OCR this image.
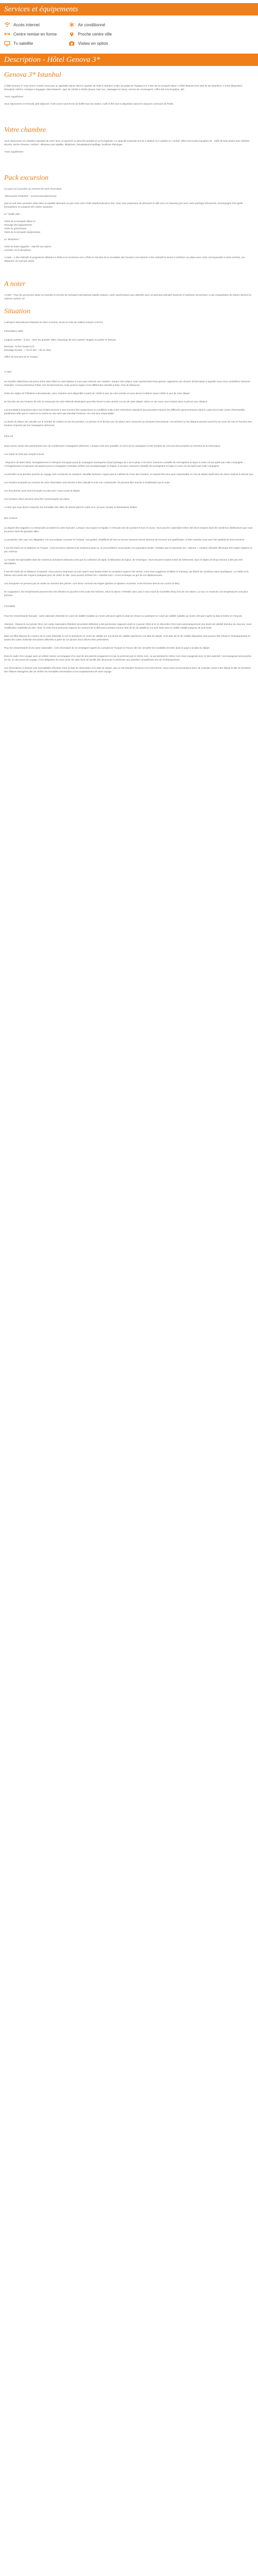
Services et équipements
Accès internet	Air conditionné
Centre remise en forme	Proche centre ville
Tv satellite	Visites en option
Description - Hôtel Genova 3*
Genova 3* Istanbul
L'hôtel Genova 3* vous donne rendez-vous pour un agréable séjour dans le quartier de Fatih à Istanbul, à 5km du palais de Topkapi et à 2,4km de la mosquée bleue. L'hôtel dispose d'un total de 38 chambres. A votre disposition: Réception 24h/24, consigne à bagages, blanchisserie*, spa* de 10h00 à 22h00 (sauna, bain turc, massages et soins), service de conciergerie, coffre-fort à la réception, wifi.
*Avec supplément
Vous séjournerez en formule petit déjeuner, il sera servi sous forme de buffet tous les matins. Café et thé sont à disposition dans les espaces communs de l'hôtel.
Votre chambre
Vous séjournerez en chambre standard de 22m² avec un grand lit ou deux lits simples et un lit d'appoint. La capacité maximale est de 2 adultes ou 2 adultes et 1 enfant. Elles sont toutes équipées de : Salle de bain privée avec toilettes, douche, sèche-cheveux, minibar*, téléviseur par satellite, téléphone, climatisation/chauffage, bouilloire électrique.
*Avec supplément
Pack excursion
Ce pack est à prendre au moment de votre réservation.
"Découverte d'Istanbul" : (4 Excursions/personne)
Que ce soit votre première visite dans la capitale ottomane ou que vous avez visité Istanbul plusieurs fois, nous vous proposons de découvrir la ville sous un nouveau jour avec notre package découverte, accompagné d'un guide francophone et composé des visites suivantes :
Le "Vieille ville" :
Visite de la mosquée Bleue et
Passage des hippodromes
Visite du grand bazar
Visite de la mosquée Suleymaniye
Le "Bosphore" :
Visite du bazar égyptien - Marché aux épices
Croisière sur le Bosphore
A noter : A titre indicatif, le programme débutera à 9h30 et se terminera vers 17h00 en fonction de la circulation (les horaires sont donnés à titre indicatif et seront à confirmer sur place avec notre correspondant à votre arrivée). Les déjeuners ne sont pas inclus.
A noter
A noter : Pour les personnes ayant un transfert à l'arrivée de l'aéroport international Sabiha Gokçen, notre représentant vous attendra avec un panneau Mondial Tourisme à l'extérieur du terminal, à une cinquantaine de mètres derrière la colonne numéro 10.
Situation
L'aéroport international d'Istanbul se situe à environ 45 km et celui de Sabiha Gokçen à 50 km.
Informations utiles
Langues parlées : le turc - dans les grandes villes, beaucoup de turcs parlent l'anglais et parfois le français
Monnaie : la livre turque (LT)
Décalage horaire : + 1h en été / +2h en hiver
Office du tourisme de la Turquie
A noter
Un transfert aller/retour est prévu entre votre hôtel ou votre bateau si vous avez réservé une croisière. Durant votre séjour, votre représentant francophone organisera une réunion d'information à laquelle nous vous conseillons vivement d'assister. Il vous présentera l'hôtel, son fonctionnement, mais aussi la région et les différentes activités à faire, hors de distances.
Selon les règles de l'hôtellerie internationale, votre chambre sera disponible à partir de 14h00 le jour de votre arrivée et vous devrez la libérer avant 12h00 le jour de votre départ.
En fonction de vos horaires de vols, le restaurant de votre hôtel de destination peut être fermé à votre arrivée ou lors de votre départ. Dans ce cas nous vous invitons donc à prévoir une collation.
Les prestations proposées dans nos forfaits peuvent à tout moment être suspendues ou modifiées suite à des restrictions sanitaires qui pourraient imposer les différents gouvernements dans le cadre de la lutte contre d'éventuelles pandémies telle que le Covid-19 ou autres et cela sans que Mondial Tourisme n'en soit tenu responsable.
La durée du séjour est calculée sur le nombre de nuitées et non de journées. Le premier et le dernier jour du séjour sont consacrés au transport international. Les arrivées ou les départs peuvent avoir lieu en cours de nuit en fonction des horaires imposés par les compagnies aériennes.
Infos vol
Nous avons conclu des partenariats avec de nombreuses compagnies aériennes. Lorsque cela sera possible, le choix de la compagnie et des horaires de vol vous sera proposé au moment de la réservation.
Les repas ne sont pas compris à bord.
- Depuis le 26 Mars 2023, l'enregistrement à l'aéroport est payant pour la compagnie SunExpress (Sauf passager de 1 an et plus). Il est donc vivement conseillé de s'enregistrer en ligne si votre vol est opéré par cette compagnie. - L'enregistrement à l'aéroport est payant pour la compagnie Corendon Airlines (10 euros/passager et /trajet). Il est donc vivement conseillé de s'enregistrer en ligne si votre vol est opéré par cette compagnie.
La première et la dernière journée du voyage sont consacrés au transport. Mondial Tourisme n'ayant pas la maîtrise du choix des horaires, ne saurait être tenu pour responsable en cas de départ tardif et/ou de retour matinal le dernier jour.
Les horaires proposés au moment de votre réservation sont donnés à titre indicatif et sont non contractuels. Ils peuvent être soumis à modification par la suite.
Les documents vous seront envoyés au plus tard 7 jours avant le départ.
Les horaires retour peuvent vous être communiqués sur place.
A noter que vous devez respecter les formalités des villes de transit (dans le cadre d'un vol avec escale) et destinations finales.
Bon à savoir
Le plupart des magasins ou restaurants acceptent la carte bancaire. Lorsque vous payez en liquide, il n'est pas rare de pousser le bon en euros. Vous pourrez cependant retirer des livres turques dans les nombreux distributeurs que vous trouverez dans les grandes villes.
Le pourboire, bien que non obligatoire, est une pratique courante en Turquie. Les guides, chauffeurs de bus ou encore serveurs seront heureux de recevoir une gratification, si bien entendu vous avez été satisfait de leurs services.
Il est très facile de se déplacer en Turquie : vous trouverez aisément de nombreux taxis ou, si vous préférez vous joindre à la population locale, n'hésitez pas à emprunter les « dolmus », minibus collectifs effectuant des trajets réguliers et peu onéreux.
La Turquie est spécialisée dans de nombreux domaines artisanaux tels que la confection de tapis, la fabrication de bijoux, de céramique. Vous trouverez toutes sortes de vêtements, sacs et objets de beaux facture à des prix très abordables.
Il est très facile de se déplacer à Istanbul. Vous pouvez emprunter un taxi mais il vous faudra éviter la circulation toujours très dense, nous vous suggérons d'utiliser le tramway, qui désert de nombreux sites touristiques. La météo et le bateau sont aussi des moyens pratiques pour de visiter la ville. Vous pouvez acheter les « Istanbul Kart » et les recharger au gré de vos déplacements.
Les mosquées ne peuvent pas se visiter au moment des prières. Une tenue correcte est exigée (jambes et épaules couvertes, et les femmes devront se couvrir la tête).
En Cappadoce, les températures peuvent être très élevées en journée et les nuits très fraîches, selon la saison. N'hésitez donc pas à vous munir de bouteilles d'eau lors de vos visites. La nuit, en revanche, les températures sont plus fraîches.
Formalités
Pour les ressortissants français : carte nationale d'identité en cours de validité (valable au moins 180 jours après la date de retour) ou passeport en cours de validité (valable au moins 150 jours après la date d'entrée en Turquie).
Attention : Depuis le 1er janvier 2014, les cartes nationales d'identité sécurisées délivrées à des personnes majeures entre le 2 janvier 2004 et le 31 décembre 2013 sont automatiquement une durée de validité étendue de cinq ans, sans modification matérielle du titre. Ainsi, la carte d'une personne majeure au moment de la délivrance portant comme date de fin de validité le 2.5 avril 2020 sera en réalité valable jusqu'au 25 avril 2025.
Mais cet effet dispose du contenu de la carte d'identité ou sur le passeport en cours de validité sur une durée de validité supérieure à la date de départ. Si la date de fin de validité dépassée vous pouvez être refusé à l'embarquement et seules les cartes d'identité sécurisées délivrées à partir du 1er janvier 2014 doivent être présentées.
Pour les ressortissants d'une autre nationalité : il est nécessaire de se renseigner auprès du consulat de Turquie en France afin de connaître les modalités d'entrée dans le pays à la date du départ.
Dans le cadre d'un voyage avec un enfant mineur accompagné d'un seul de ses parents uniquement et qui ne porterait pas le même nom, ou qui porterait le même nom mais voyagerait avec le tiers autorisé, l'accompagnant devra porter sur lui, un document de voyage. Il est obligatoire de vous munir de votre livret de famille afin de pouvoir le présenter aux autorités compétentes lors de l'embarquement.
Les informations ci-dessus sont susceptibles d'évoluer entre la date de réservation et la date de départ, que ce soit Mondial Tourisme n'en soit informé. Nous vous recommandons donc de consulter avant votre départ le site du ministère des Affaires étrangères afin de vérifier les formalités nécessaires à l'accomplissement de votre voyage.
